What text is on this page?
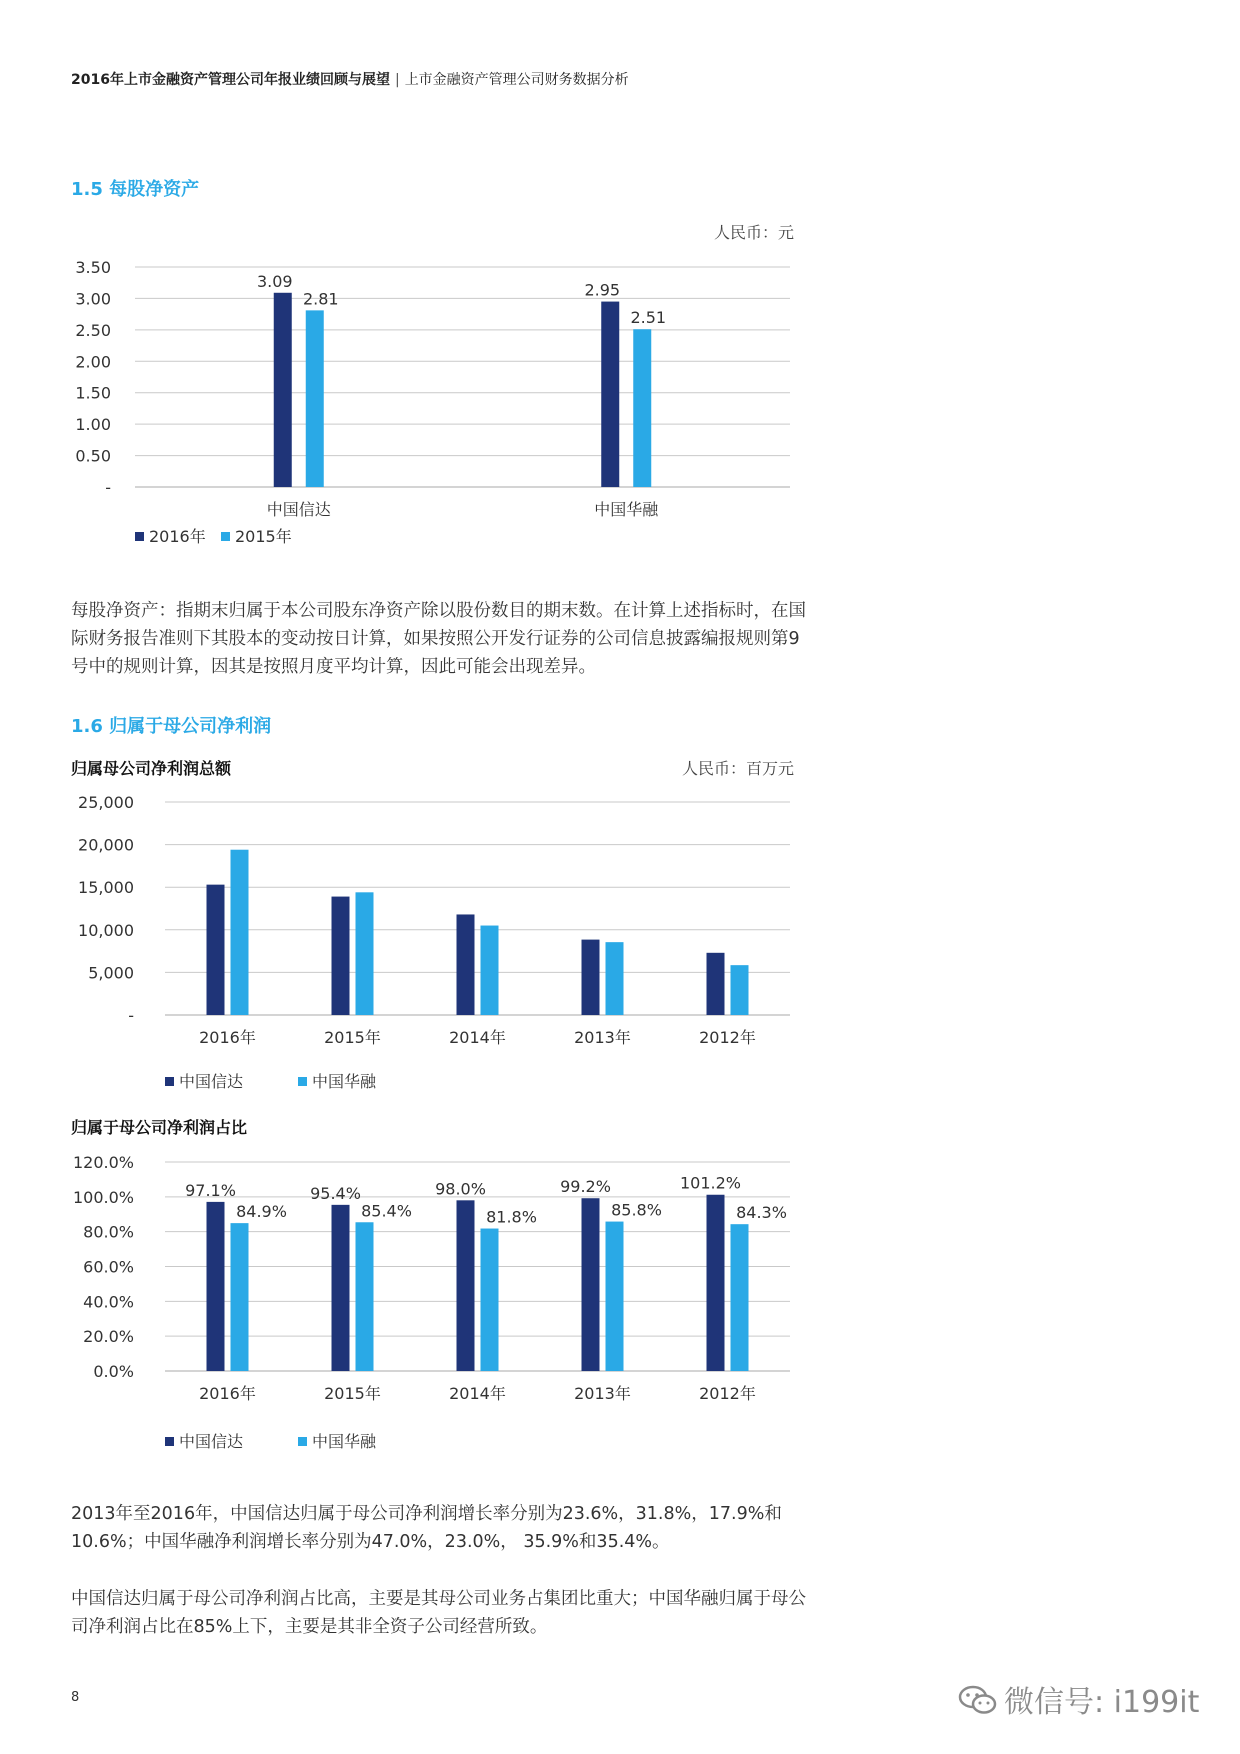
2016年上市金融资产管理公司年报业绩回顾与展望 | 上市金融资产管理公司财务数据分析
1.5 每股净资产
人民币：元
-
0.50
1.00
1.50
2.00
2.50
3.00
3.50
3.09
2.81
中国信达
2.95
2.51
中国华融
2016年 2015年

每股净资产：指期末归属于本公司股东净资产除以股份数目的期末数。在计算上述指标时，在国际财务报告准则下其股本的变动按日计算，如果按照公开发行证券的公司信息披露编报规则第9号中的规则计算，因其是按照月度平均计算，因此可能会出现差异。

1.6 归属于母公司净利润
归属母公司净利润总额	人民币：百万元
-
5,000
10,000
15,000
20,000
25,000
2016年	2015年	2014年	2013年	2012年
中国信达	中国华融
归属于母公司净利润占比
0.0%
20.0%
40.0%
60.0%
80.0%
100.0%
120.0%
97.1%
84.9%
2016年
95.4%
85.4%
2015年
98.0%
81.8%
2014年
99.2%
85.8%
2013年
101.2%
84.3%
2012年
中国信达	中国华融

2013年至2016年，中国信达归属于母公司净利润增长率分别为23.6%，31.8%，17.9%和10.6%；中国华融净利润增长率分别为47.0%，23.0%， 35.9%和35.4%。

中国信达归属于母公司净利润占比高，主要是其母公司业务占集团比重大；中国华融归属于母公司净利润占比在85%上下，主要是其非全资子公司经营所致。

8	微信号: i199it
